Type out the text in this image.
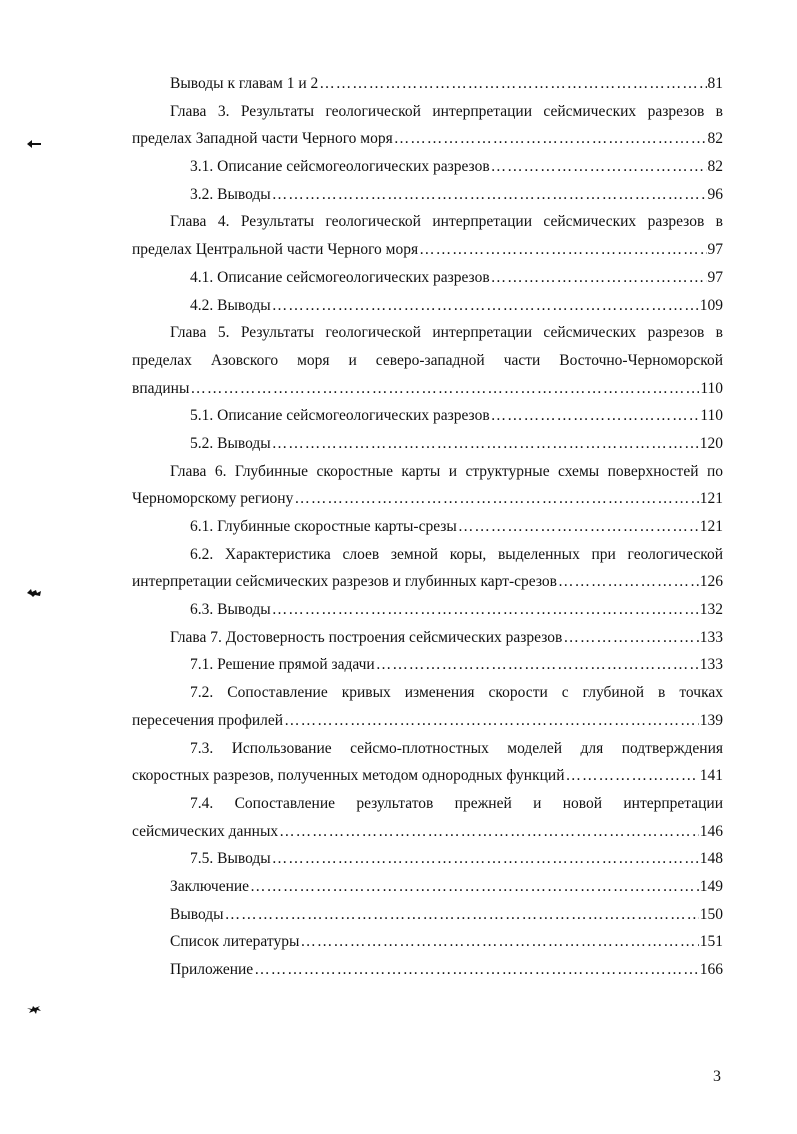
Выводы к главам 1 и 2 ………………………………………………………………………………………………………………………………………………………………………………	81
Глава 3. Результаты геологической интерпретации сейсмических разрезов в
пределах Западной части Черного моря ………………………………………………………………………………………………………………………………………………………………………………	82
3.1. Описание сейсмогеологических разрезов ………………………………………………………………………………………………………………………………………………………………………………	82
3.2. Выводы ………………………………………………………………………………………………………………………………………………………………………………	96
Глава 4. Результаты геологической интерпретации сейсмических разрезов в
пределах Центральной части Черного моря ………………………………………………………………………………………………………………………………………………………………………………	97
4.1. Описание сейсмогеологических разрезов ………………………………………………………………………………………………………………………………………………………………………………	97
4.2. Выводы ………………………………………………………………………………………………………………………………………………………………………………	109
Глава 5. Результаты геологической интерпретации сейсмических разрезов в
пределах Азовского моря и северо-западной части Восточно-Черноморской
впадины ………………………………………………………………………………………………………………………………………………………………………………	110
5.1. Описание сейсмогеологических разрезов ………………………………………………………………………………………………………………………………………………………………………………	110
5.2. Выводы ………………………………………………………………………………………………………………………………………………………………………………	120
Глава 6. Глубинные скоростные карты и структурные схемы поверхностей по
Черноморскому региону ………………………………………………………………………………………………………………………………………………………………………………	121
6.1. Глубинные скоростные карты-срезы ………………………………………………………………………………………………………………………………………………………………………………	121
6.2. Характеристика слоев земной коры, выделенных при геологической
интерпретации сейсмических разрезов и глубинных карт-срезов ………………………………………………………………………………………………………………………………………………………………………………	126
6.3. Выводы ………………………………………………………………………………………………………………………………………………………………………………	132
Глава 7. Достоверность построения сейсмических разрезов ………………………………………………………………………………………………………………………………………………………………………………	133
7.1. Решение прямой задачи ………………………………………………………………………………………………………………………………………………………………………………	133
7.2. Сопоставление кривых изменения скорости с глубиной в точках
пересечения профилей ………………………………………………………………………………………………………………………………………………………………………………	139
7.3. Использование сейсмо-плотностных моделей для подтверждения
скоростных разрезов, полученных методом однородных функций ………………………………………………………………………………………………………………………………………………………………………………	141
7.4. Сопоставление результатов прежней и новой интерпретации
сейсмических данных ………………………………………………………………………………………………………………………………………………………………………………	146
7.5. Выводы ………………………………………………………………………………………………………………………………………………………………………………	148
Заключение ………………………………………………………………………………………………………………………………………………………………………………	149
Выводы ………………………………………………………………………………………………………………………………………………………………………………	150
Список литературы ………………………………………………………………………………………………………………………………………………………………………………	151
Приложение ………………………………………………………………………………………………………………………………………………………………………………	166
3
